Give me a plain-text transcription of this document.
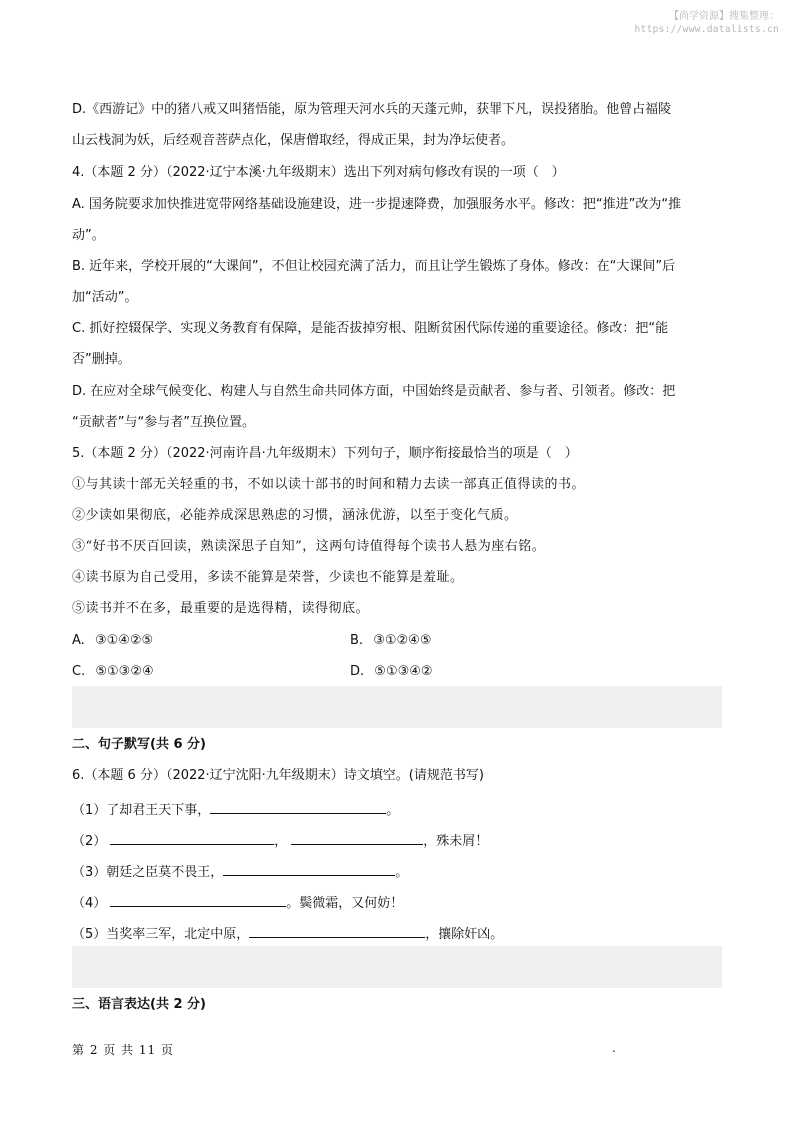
【尚学资源】搜集整理：
https://www.datalists.cn
D.《西游记》中的猪八戒又叫猪悟能，原为管理天河水兵的天蓬元帅，获罪下凡，误投猪胎。他曾占福陵
山云栈洞为妖，后经观音菩萨点化，保唐僧取经，得成正果，封为净坛使者。
4.（本题 2 分）（2022·辽宁本溪·九年级期末）选出下列对病句修改有误的一项（　）
A. 国务院要求加快推进宽带网络基础设施建设，进一步提速降费，加强服务水平。修改：把“推进”改为“推
动”。
B. 近年来，学校开展的“大课间”，不但让校园充满了活力，而且让学生锻炼了身体。修改：在“大课间”后
加“活动”。
C. 抓好控辍保学、实现义务教育有保障，是能否拔掉穷根、阻断贫困代际传递的重要途径。修改：把“能
否”删掉。
D. 在应对全球气候变化、构建人与自然生命共同体方面，中国始终是贡献者、参与者、引领者。修改：把
“贡献者”与“参与者”互换位置。
5.（本题 2 分）（2022·河南许昌·九年级期末）下列句子，顺序衔接最恰当的项是（　）
①与其读十部无关轻重的书，不如以读十部书的时间和精力去读一部真正值得读的书。
②少读如果彻底，必能养成深思熟虑的习惯，涵泳优游，以至于变化气质。
③“好书不厌百回读，熟读深思子自知”，这两句诗值得每个读书人悬为座右铭。
④读书原为自己受用，多读不能算是荣誉，少读也不能算是羞耻。
⑤读书并不在多，最重要的是选得精，读得彻底。
A. ③①④②⑤	B. ③①②④⑤
C. ⑤①③②④	D. ⑤①③④②
二、句子默写(共 6 分)
6.（本题 6 分）（2022·辽宁沈阳·九年级期末）诗文填空。(请规范书写)
（1）了却君王天下事，	。
（2）	，	，殊未屑！
（3）朝廷之臣莫不畏王，	。
（4）	。鬓微霜，又何妨！
（5）当奖率三军，北定中原，	，攘除奸凶。
三、语言表达(共 2 分)
第 2 页 共 11 页	.
